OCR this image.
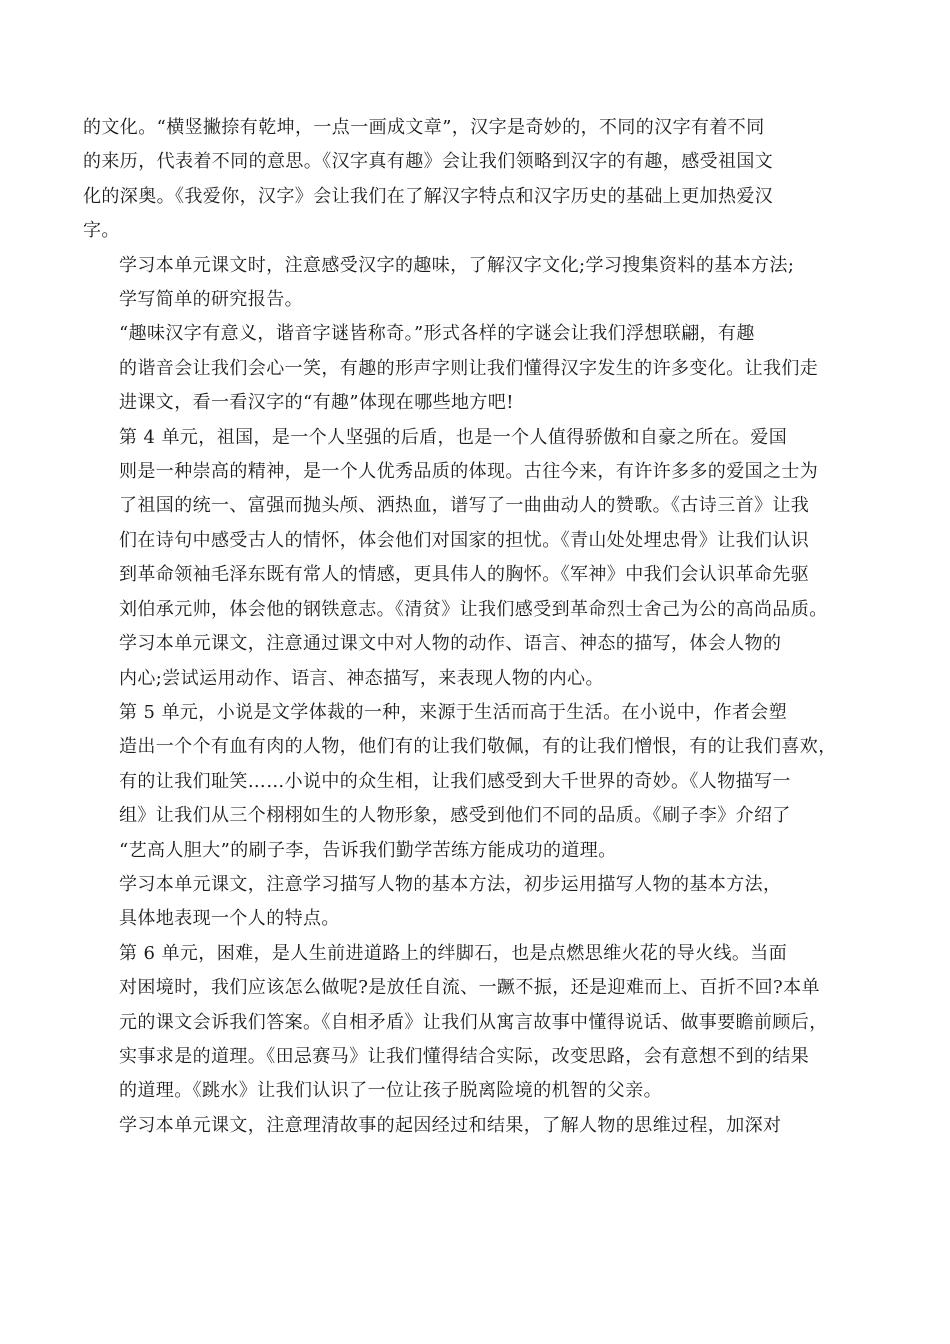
的文化。“横竖撇捺有乾坤，一点一画成文章”，汉字是奇妙的，不同的汉字有着不同
的来历，代表着不同的意思。《汉字真有趣》会让我们领略到汉字的有趣，感受祖国文
化的深奥。《我爱你，汉字》会让我们在了解汉字特点和汉字历史的基础上更加热爱汉
字。

学习本单元课文时，注意感受汉字的趣味，了解汉字文化;学习搜集资料的基本方法;
学写简单的研究报告。

“趣味汉字有意义，谐音字谜皆称奇。”形式各样的字谜会让我们浮想联翩，有趣
的谐音会让我们会心一笑，有趣的形声字则让我们懂得汉字发生的许多变化。让我们走
进课文，看一看汉字的“有趣”体现在哪些地方吧!

第 4 单元，祖国，是一个人坚强的后盾，也是一个人值得骄傲和自豪之所在。爱国
则是一种崇高的精神，是一个人优秀品质的体现。古往今来，有许许多多的爱国之士为
了祖国的统一、富强而抛头颅、洒热血，谱写了一曲曲动人的赞歌。《古诗三首》让我
们在诗句中感受古人的情怀，体会他们对国家的担忧。《青山处处埋忠骨》让我们认识
到革命领袖毛泽东既有常人的情感，更具伟人的胸怀。《军神》中我们会认识革命先驱
刘伯承元帅，体会他的钢铁意志。《清贫》让我们感受到革命烈士舍己为公的高尚品质。

学习本单元课文，注意通过课文中对人物的动作、语言、神态的描写，体会人物的
内心;尝试运用动作、语言、神态描写，来表现人物的内心。

第 5 单元，小说是文学体裁的一种，来源于生活而高于生活。在小说中，作者会塑
造出一个个有血有肉的人物，他们有的让我们敬佩，有的让我们憎恨，有的让我们喜欢，
有的让我们耻笑……小说中的众生相，让我们感受到大千世界的奇妙。《人物描写一
组》让我们从三个栩栩如生的人物形象，感受到他们不同的品质。《刷子李》介绍了
“艺高人胆大”的刷子李，告诉我们勤学苦练方能成功的道理。

学习本单元课文，注意学习描写人物的基本方法，初步运用描写人物的基本方法，
具体地表现一个人的特点。

第 6 单元，困难，是人生前进道路上的绊脚石，也是点燃思维火花的导火线。当面
对困境时，我们应该怎么做呢?是放任自流、一蹶不振，还是迎难而上、百折不回?本单
元的课文会诉我们答案。《自相矛盾》让我们从寓言故事中懂得说话、做事要瞻前顾后，
实事求是的道理。《田忌赛马》让我们懂得结合实际，改变思路，会有意想不到的结果
的道理。《跳水》让我们认识了一位让孩子脱离险境的机智的父亲。

学习本单元课文，注意理清故事的起因经过和结果，了解人物的思维过程，加深对
